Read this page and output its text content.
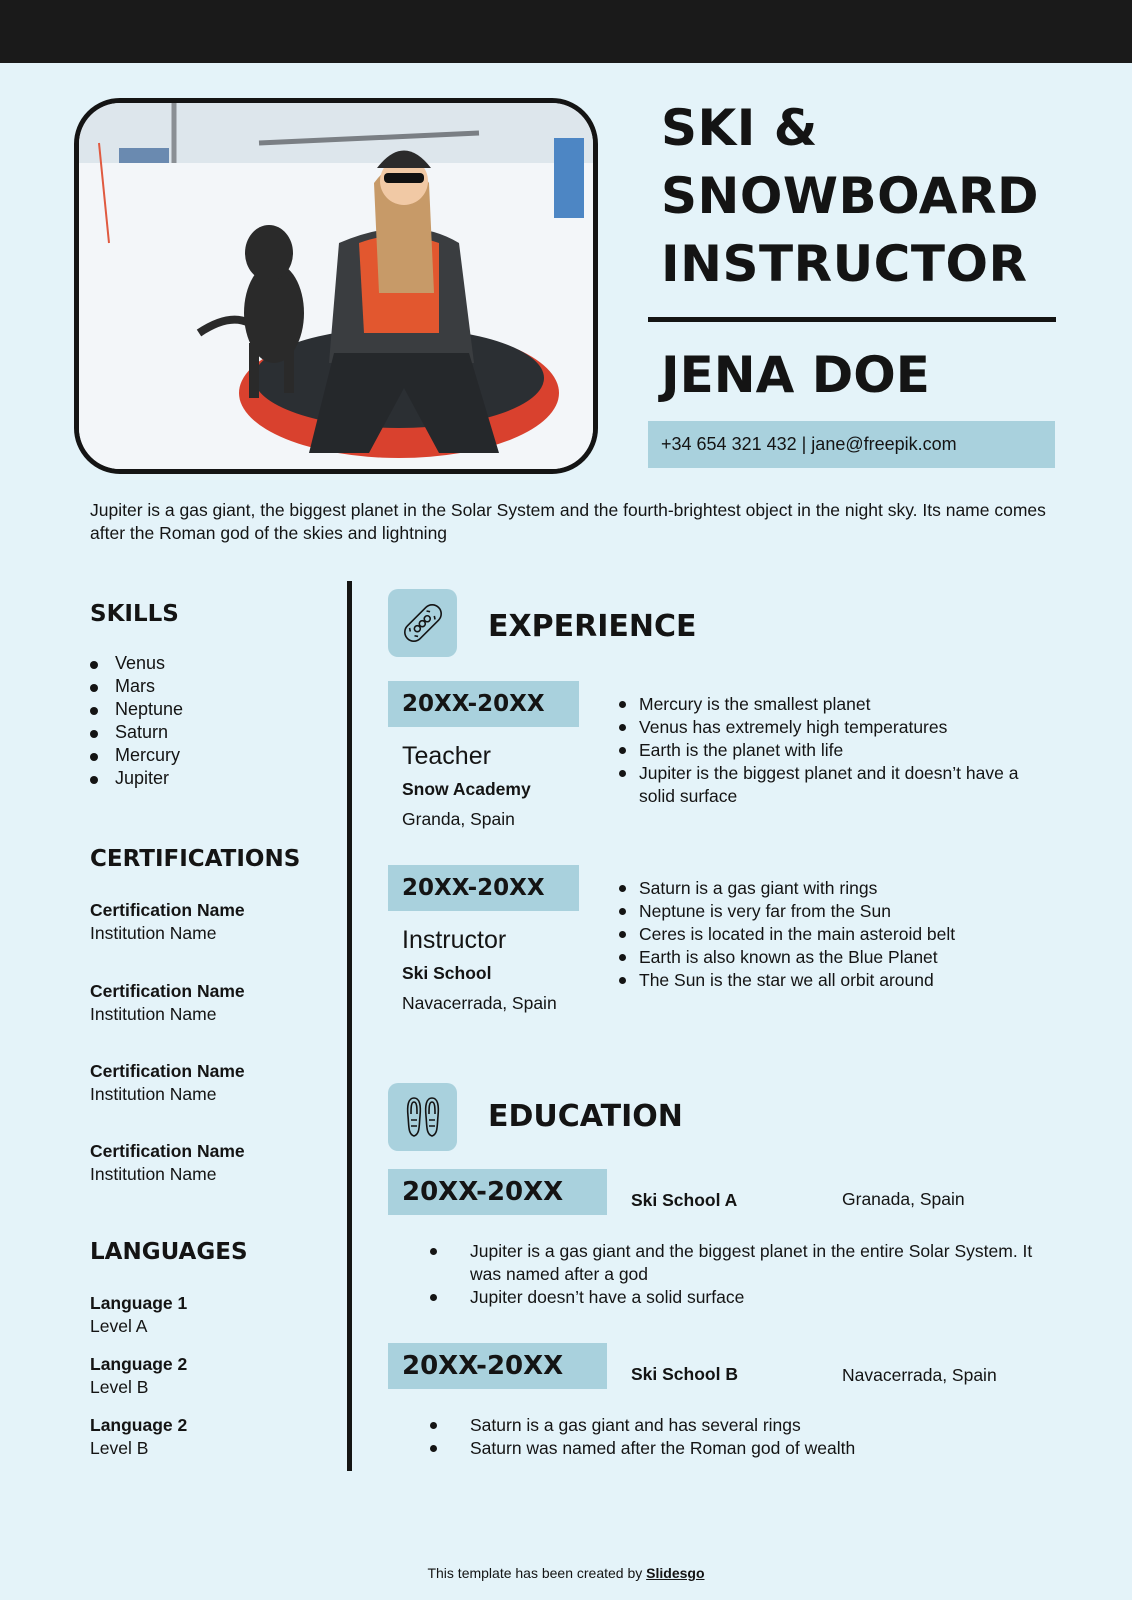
SKI &
SNOWBOARD
INSTRUCTOR
JENA DOE
+34 654 321 432 | jane@freepik.com
Jupiter is a gas giant, the biggest planet in the Solar System and the fourth-brightest object in the night sky. Its name comes after the Roman god of the skies and lightning
SKILLS
Venus
Mars
Neptune
Saturn
Mercury
Jupiter
CERTIFICATIONS
Certification Name
Institution Name
Certification Name
Institution Name
Certification Name
Institution Name
Certification Name
Institution Name
LANGUAGES
Language 1
Level A
Language 2
Level B
Language 2
Level B
EXPERIENCE
20XX-20XX
Teacher
Snow Academy
Granda, Spain
Mercury is the smallest planet
Venus has extremely high temperatures
Earth is the planet with life
Jupiter is the biggest planet and it doesn’t have a solid surface
20XX-20XX
Instructor
Ski School
Navacerrada, Spain
Saturn is a gas giant with rings
Neptune is very far from the Sun
Ceres is located in the main asteroid belt
Earth is also known as the Blue Planet
The Sun is the star we all orbit around
EDUCATION
20XX-20XX	Ski School A	Granada, Spain
Jupiter is a gas giant and the biggest planet in the entire Solar System. It was named after a god
Jupiter doesn’t have a solid surface
20XX-20XX	Ski School B	Navacerrada, Spain
Saturn is a gas giant and has several rings
Saturn was named after the Roman god of wealth
This template has been created by Slidesgo
